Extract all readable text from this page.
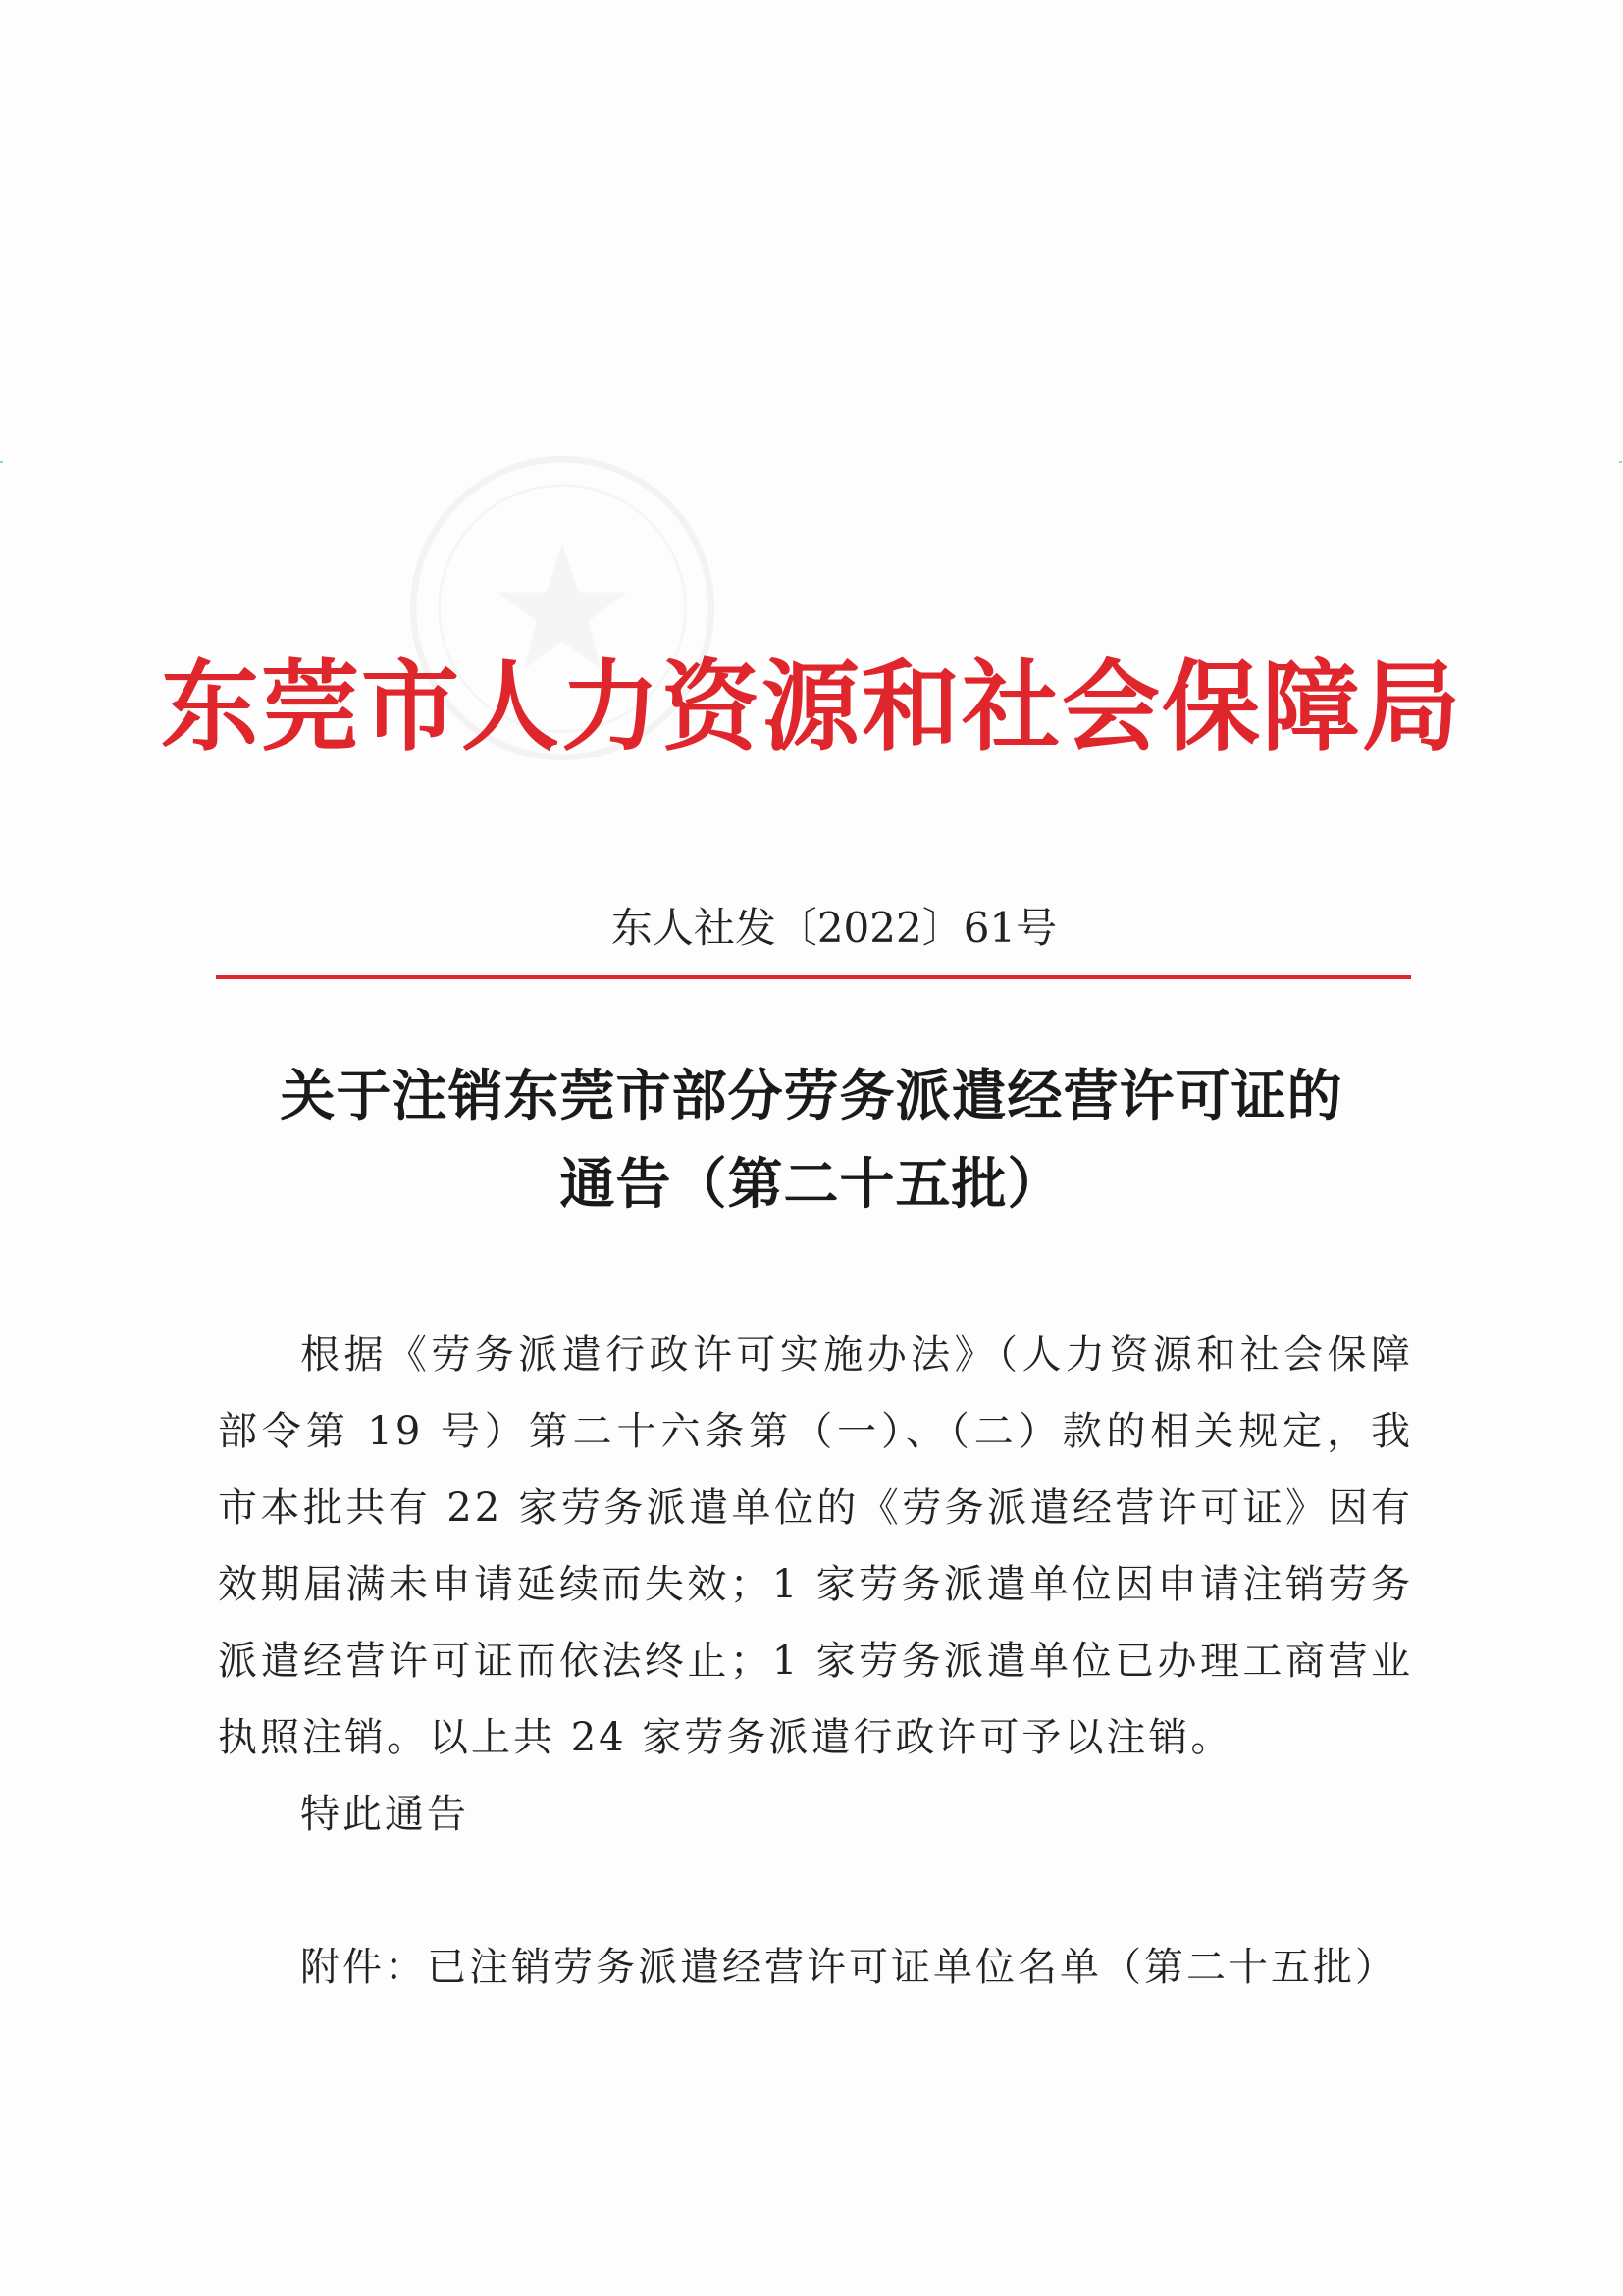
东莞市人力资源和社会保障局
东人社发〔2022〕61号
关于注销东莞市部分劳务派遣经营许可证的
通告（第二十五批）
根据《劳务派遣行政许可实施办法》（人力资源和社会保障
部令第 19 号）第二十六条第（一）、（二）款的相关规定，我
市本批共有 22 家劳务派遣单位的《劳务派遣经营许可证》因有
效期届满未申请延续而失效；1 家劳务派遣单位因申请注销劳务
派遣经营许可证而依法终止；1 家劳务派遣单位已办理工商营业
执照注销。以上共 24 家劳务派遣行政许可予以注销。
特此通告
附件：已注销劳务派遣经营许可证单位名单（第二十五批）
